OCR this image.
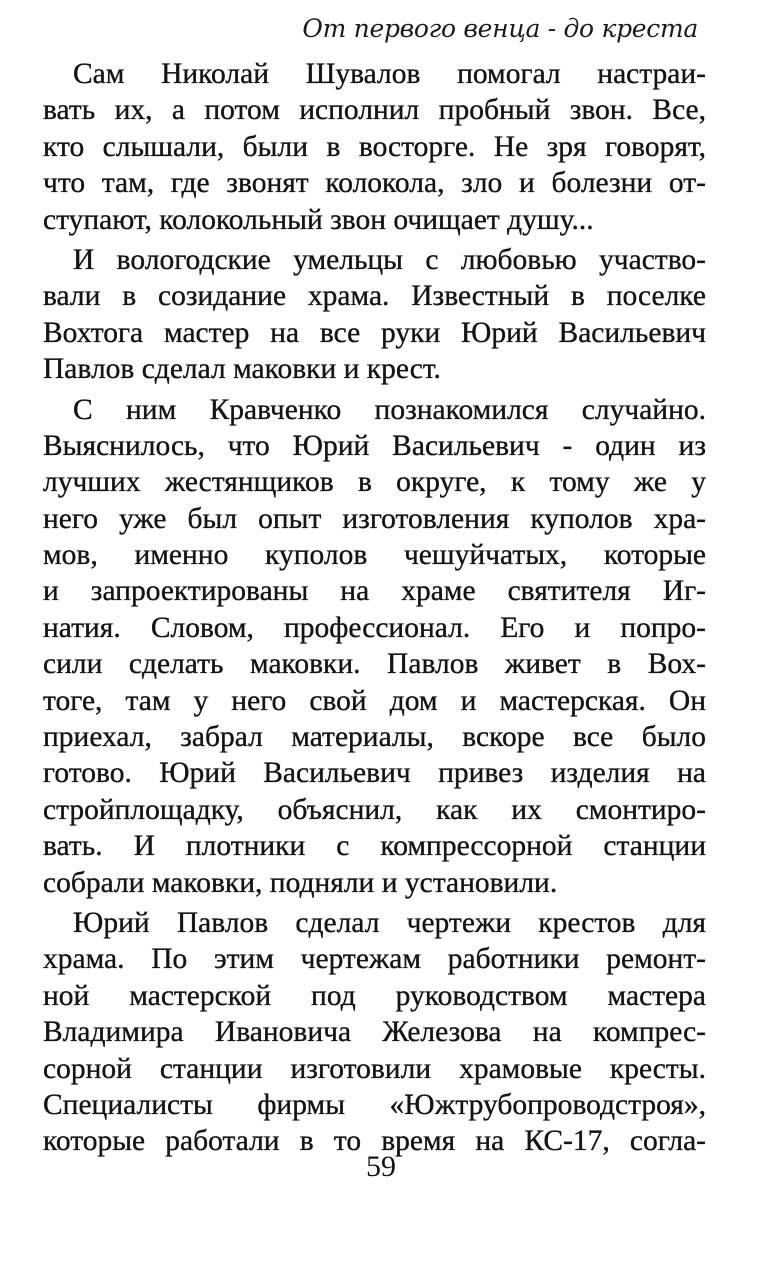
От первого венца - до креста

Сам Николай Шувалов помогал настраи-
вать их, а потом исполнил пробный звон. Все,
кто слышали, были в восторге. Не зря говорят,
что там, где звонят колокола, зло и болезни от-
ступают, колокольный звон очищает душу...

И вологодские умельцы с любовью участво-
вали в созидание храма. Известный в поселке
Вохтога мастер на все руки Юрий Васильевич
Павлов сделал маковки и крест.

С ним Кравченко познакомился случайно.
Выяснилось, что Юрий Васильевич - один из
лучших жестянщиков в округе, к тому же у
него уже был опыт изготовления куполов хра-
мов, именно куполов чешуйчатых, которые
и запроектированы на храме святителя Иг-
натия. Словом, профессионал. Его и попро-
сили сделать маковки. Павлов живет в Вох-
тоге, там у него свой дом и мастерская. Он
приехал, забрал материалы, вскоре все было
готово. Юрий Васильевич привез изделия на
стройплощадку, объяснил, как их смонтиро-
вать. И плотники с компрессорной станции
собрали маковки, подняли и установили.

Юрий Павлов сделал чертежи крестов для
храма. По этим чертежам работники ремонт-
ной мастерской под руководством мастера
Владимира Ивановича Железова на компрес-
сорной станции изготовили храмовые кресты.
Специалисты фирмы «Южтрубопроводстроя»,
которые работали в то время на КС-17, согла-

59
